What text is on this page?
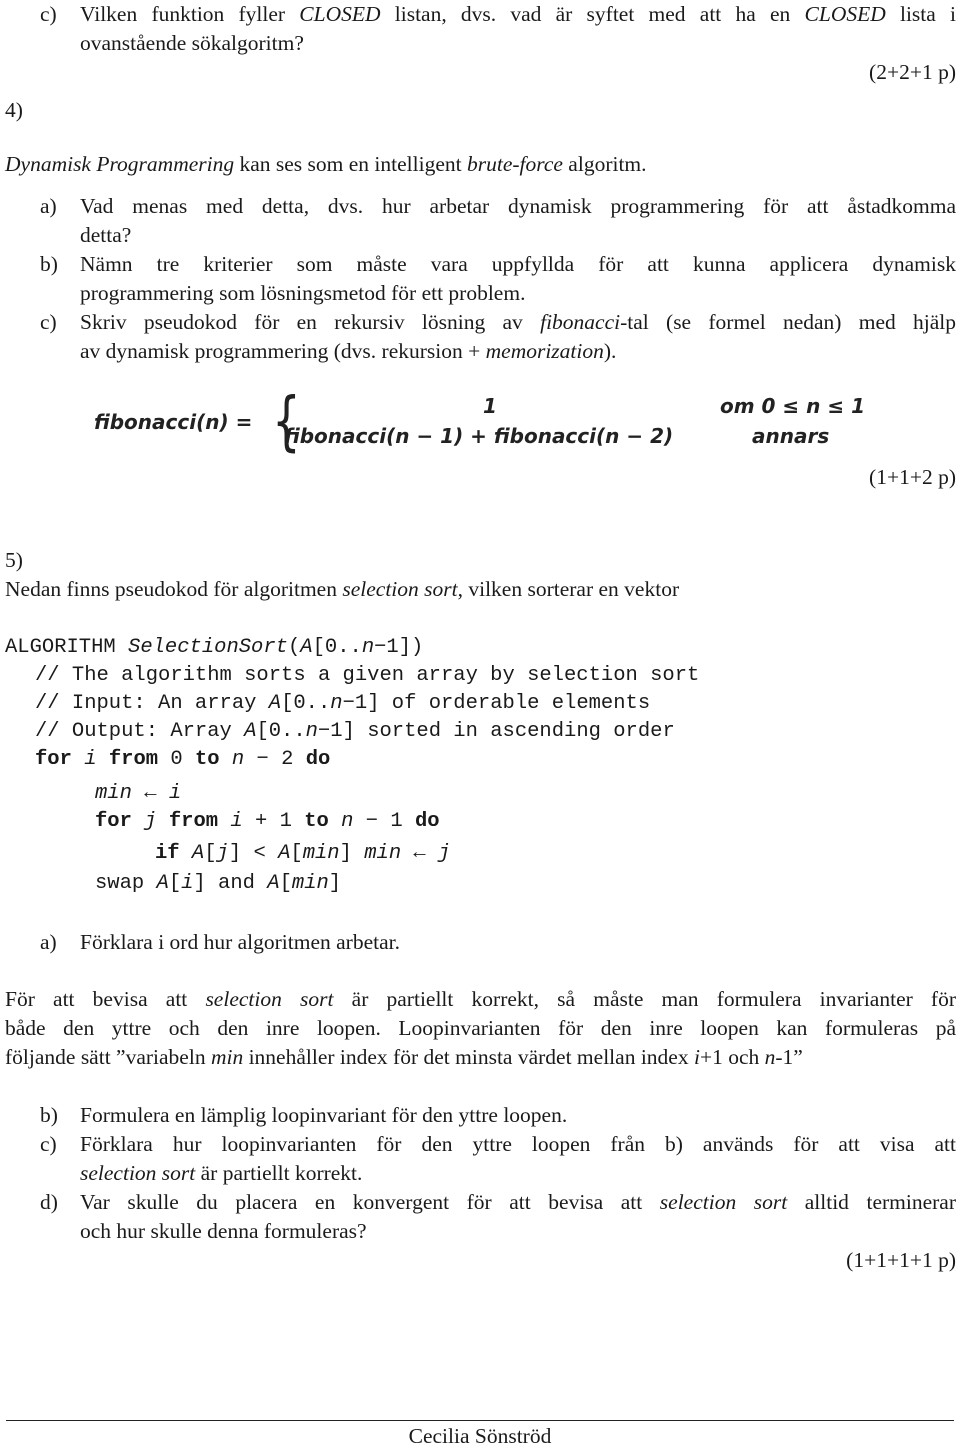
c) Vilken funktion fyller CLOSED listan, dvs. vad är syftet med att ha en CLOSED lista i
ovanstående sökalgoritm?
(2+2+1 p)
4)
Dynamisk Programmering kan ses som en intelligent brute-force algoritm.
a) Vad menas med detta, dvs. hur arbetar dynamisk programmering för att åstadkomma
detta?
b) Nämn tre kriterier som måste vara uppfyllda för att kunna applicera dynamisk
programmering som lösningsmetod för ett problem.
c) Skriv pseudokod för en rekursiv lösning av fibonacci-tal (se formel nedan) med hjälp
av dynamisk programmering (dvs. rekursion + memorization).
fibonacci(n) = {	1
fibonacci(n − 1) + fibonacci(n − 2)
om 0 ≤ n ≤ 1
annars
(1+1+2 p)
5)
Nedan finns pseudokod för algoritmen selection sort, vilken sorterar en vektor
ALGORITHM SelectionSort(A[0..n−1])
// The algorithm sorts a given array by selection sort
// Input: An array A[0..n−1] of orderable elements
// Output: Array A[0..n−1] sorted in ascending order
for i from 0 to n − 2 do
min ← i
for j from i + 1 to n − 1 do
if A[j] < A[min] min ← j
swap A[i] and A[min]
a) Förklara i ord hur algoritmen arbetar.
För att bevisa att selection sort är partiellt korrekt, så måste man formulera invarianter för
både den yttre och den inre loopen. Loopinvarianten för den inre loopen kan formuleras på
följande sätt ”variabeln min innehåller index för det minsta värdet mellan index i+1 och n-1”
b) Formulera en lämplig loopinvariant för den yttre loopen.
c) Förklara hur loopinvarianten för den yttre loopen från b) används för att visa att
selection sort är partiellt korrekt.
d) Var skulle du placera en konvergent för att bevisa att selection sort alltid terminerar
och hur skulle denna formuleras?
(1+1+1+1 p)
Cecilia Sönströd
